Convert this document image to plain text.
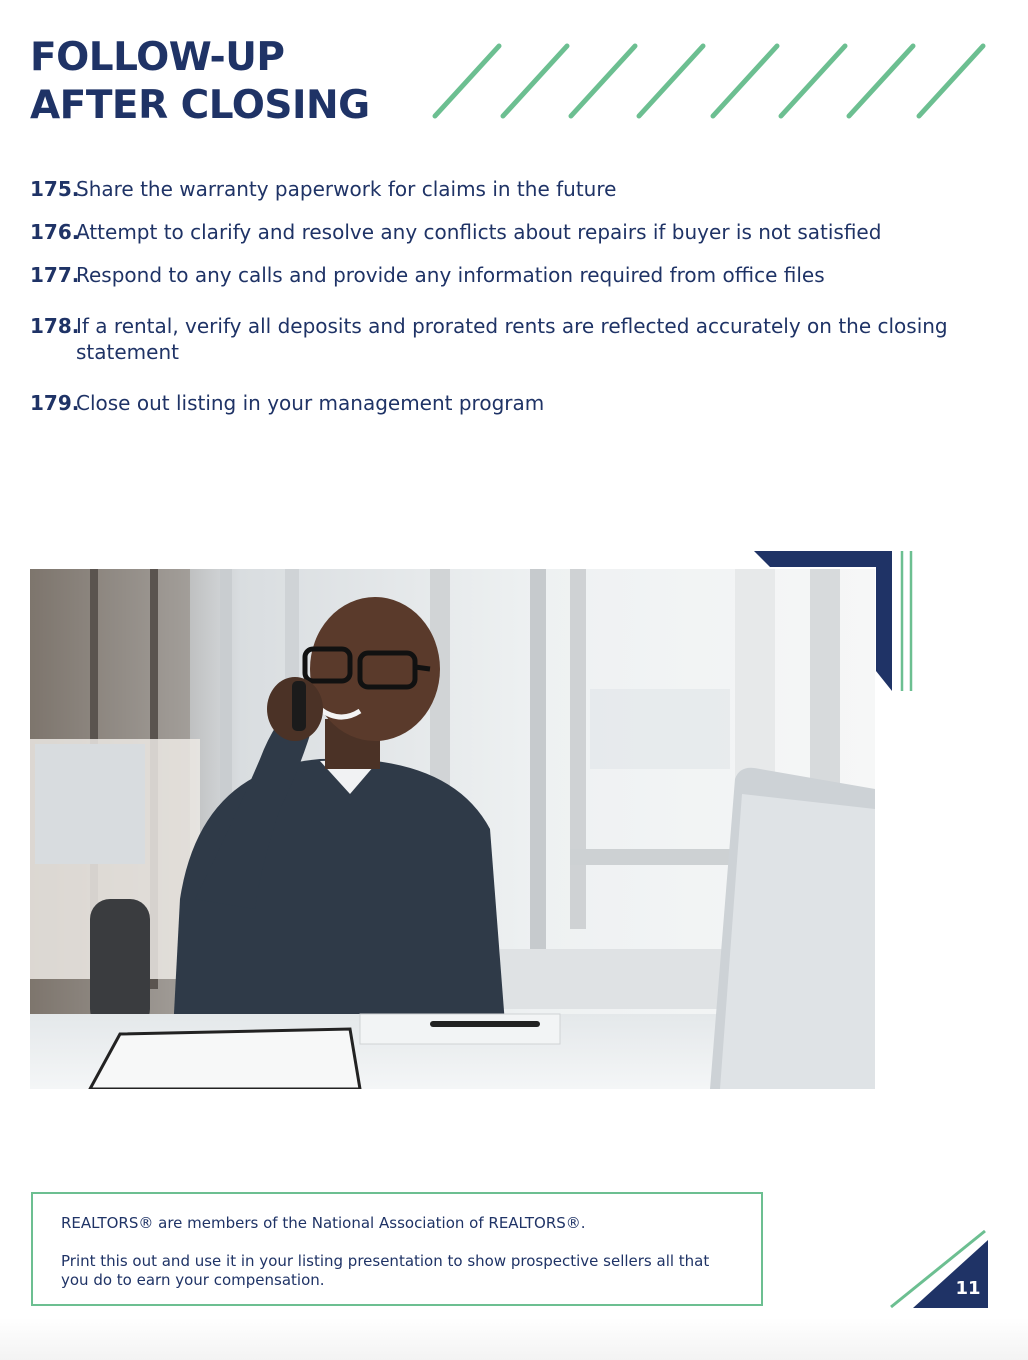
FOLLOW-UP
AFTER CLOSING
175.
Share the warranty paperwork for claims in the future
176.
Attempt to clarify and resolve any conflicts about repairs if buyer is not satisfied
177.
Respond to any calls and provide any information required from office files
178.
If a rental, verify all deposits and prorated rents are reflected accurately on the closing statement
179.
Close out listing in your management program

REALTORS® are members of the National Association of REALTORS®.

Print this out and use it in your listing presentation to show prospective sellers all that you do to earn your compensation.	11
